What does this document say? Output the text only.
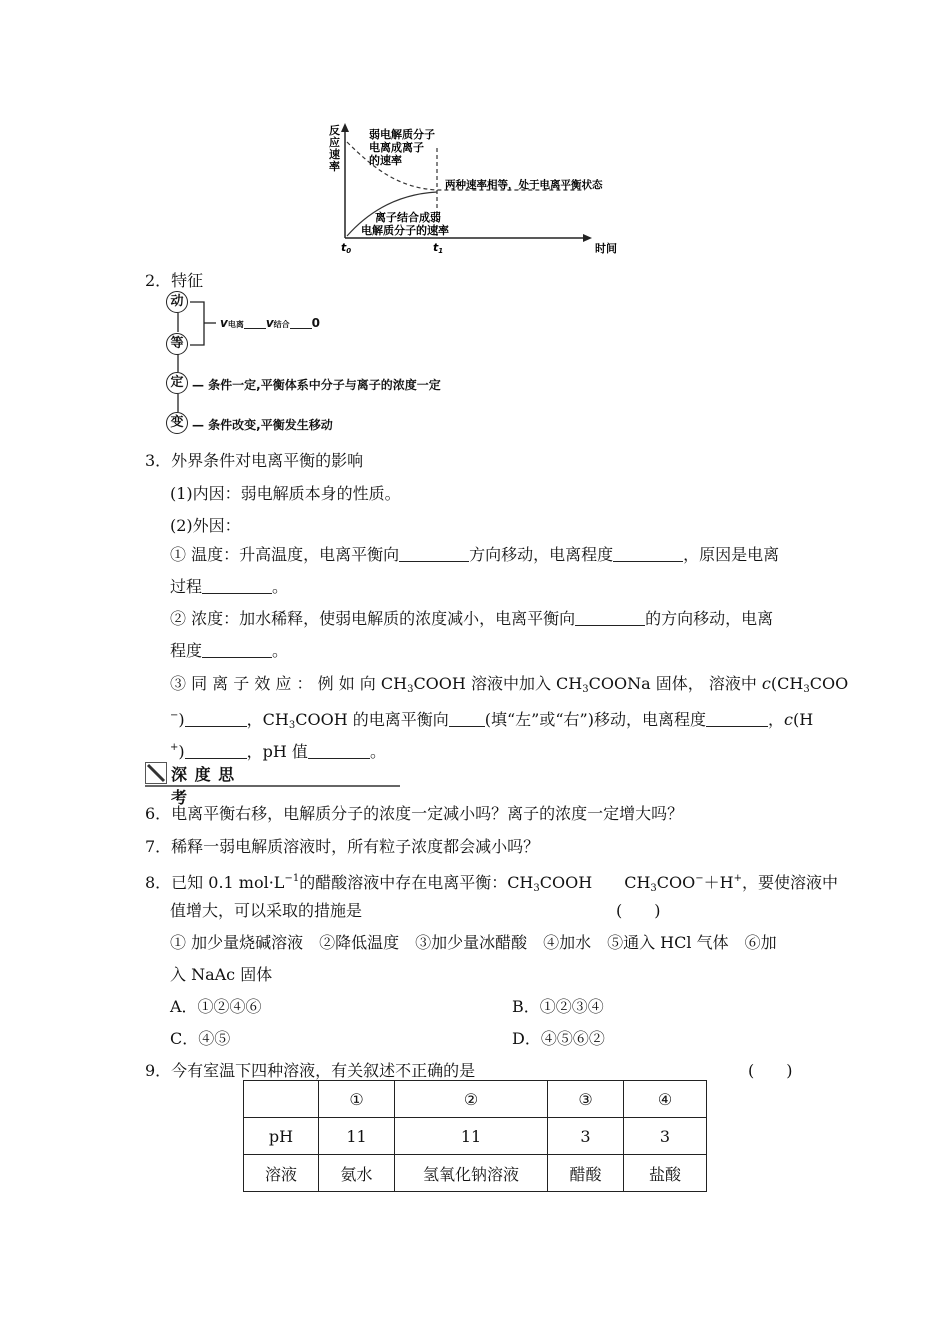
反
应
速
率
弱电解质分子
电离成离子
的速率
两种速率相等，处于电离平衡状态
离子结合成弱
电解质分子的速率
t0	t1	时间
2．特征
动
等
定
变
v电离 v结合 0
— 条件一定,平衡体系中分子与离子的浓度一定
— 条件改变,平衡发生移动
3．外界条件对电离平衡的影响
(1)内因：弱电解质本身的性质。
(2)外因：
① 温度：升高温度，电离平衡向	方向移动，电离程度	，原因是电离
过程	。
② 浓度：加水稀释，使弱电解质的浓度减小，电离平衡向	的方向移动，电离
程度	。
③ 同 离 子 效 应 ： 例 如 向 $CH_3COOH$ 溶液中加入 $CH_3COONa$ 固体， 溶液中 $c(CH_3COO$
−)	，$CH_3COOH$ 的电离平衡向 (填“左”或“右”)移动，电离程度	，c(H
+)	，pH 值	。
深 度 思 考
6．电离平衡右移，电解质分子的浓度一定减小吗？离子的浓度一定增大吗？
7．稀释一弱电解质溶液时，所有粒子浓度都会减小吗？
8．已知 0.1 $mol\cdot L^{-1}$的醋酸溶液中存在电离平衡：$CH_3COOH$ $CH_3COO^-+H^+$，要使溶液中
值增大，可以采取的措施是	(　　)
① 加少量烧碱溶液　②降低温度　③加少量冰醋酸　④加水　⑤通入 HCl 气体　⑥加
入 NaAc 固体
A．①②④⑥	B．①②③④
C．④⑤	D．④⑤⑥②
9．今有室温下四种溶液，有关叙述不正确的是	(　　)
	①	②	③	④
pH	11	11	3	3
溶液	氨水	氢氧化钠溶液	醋酸	盐酸
